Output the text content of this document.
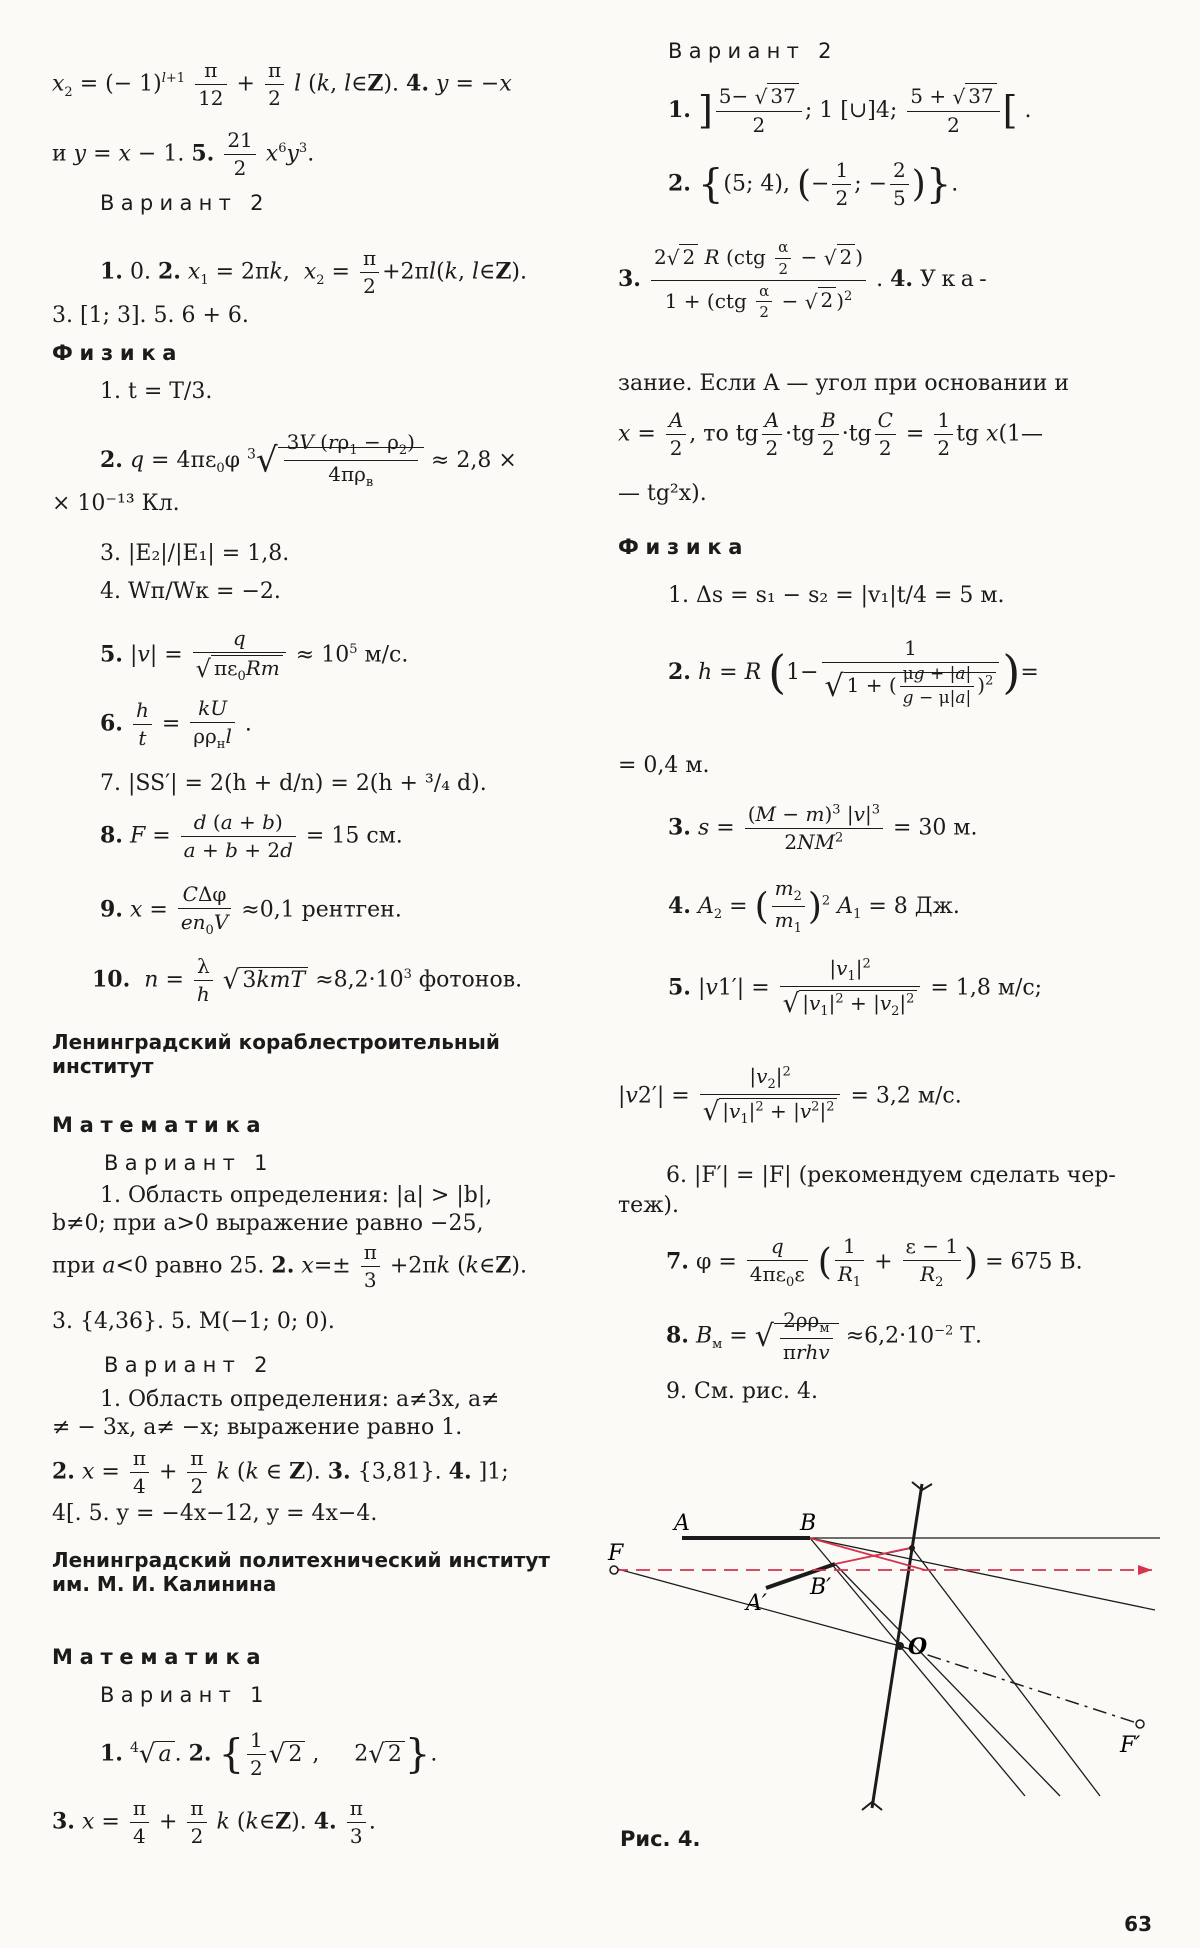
$x_2$ = (− $1)^{l+1} \frac{\pi}{12} + \frac{\pi}{2}$ l (k, l∈Z). 4. y = −x
и y = x − 1. 5. $\frac{21}{2} x^6y^3$.
Вариант 2
1. 0. 2. $x_1 = 2\pi k$,  $x_2 = \frac{\pi}{2} +2\pi l(k$, l∈Z).
3. [1; 3]. 5. 6 + 6.
Физика
1. t = T/3.
2. $q = 4\pi\varepsilon_0\varphi$ $^3√ \frac{3V (r\rho_1 - \rho_2)}{4\pi\rho_в} \approx 2,8$ ×
× 10⁻¹³ Кл.
3. |E₂|/|E₁| = 1,8.
4. Wп/Wк = −2.
5. $|v| = \frac{q}{√ \pi\varepsilon_0Rm} \approx 10^5$ м/с.
6. $\frac{h}{t} = \frac{kU}{\rho\rho_нl}$ .
7. |SS′| = 2(h + d/n) = 2(h + ³/₄ d).
8. $F = \frac{d (a + b)}{a + b + 2d} = 15$ см.
9. $x = \frac{\text{CΔφ}}{en_0V} \approx 0,1$ рентген.
10. $n = \frac{\lambda}{h}$ √ $3kmT \approx 8,2\cdot 10^3$ фотонов.
Ленинградский кораблестроительный институт
Математика
Вариант 1
1. Область определения: |a| > |b|,
b≠0; при a>0 выражение равно −25,
при a<0 равно 25. 2. $x=\pm \frac{\pi}{3} +2\pi k$ (k∈Z).
3. {4,36}. 5. M(−1; 0; 0).
Вариант 2
1. Область определения: a≠3x, a≠
≠ − 3x, a≠ −x; выражение равно 1.
2. $x = \frac{\pi}{4} + \frac{\pi}{2}$ k (k ∈ Z). 3. {3,81}. 4. ]1;
4[. 5. y = −4x−12, y = 4x−4.
Ленинградский политехнический институт им. М. И. Калинина
Математика
Вариант 1
1. $^4$√ a . 2. { $\frac{1}{2}$ √ 2 ,     2√ 2}.
3. $x = \frac{\pi}{4} + \frac{\pi}{2}$ k (k∈Z). 4. $\frac{\pi}{3}$ .
Вариант 2
1. ] $\frac{5- √ 37}{2}$ ; 1 [∪]4; $\frac{5 + √ 37}{2}$ [ .
2. {(5; 4), (− $\frac{1}{2}$ ; − $\frac{2}{5}$ )}.
3. $\frac{2√ 2 R (ctg \frac{\alpha}{2} - √ 2 )}{1 + (ctg \frac{\alpha}{2} - √ 2 )^2}$ . 4. Ука-
зание. Если A — угол при основании и
$x = \frac{A}{2}$ , то tg $\frac{A}{2} \cdot tg \frac{B}{2} \cdot tg \frac{C}{2} = \frac{1}{2}$ tg x(1—
— tg²x).
Физика
1. Δs = s₁ − s₂ = |v₁|t/4 = 5 м.
2. h = R ($1- \frac{1}{√ 1 + ( \frac{\mu g + |a|}{g - \mu|a|} )^2}$ )=
= 0,4 м.
3. $s = \frac{(M - m)^3 |v|^3}{2NM^2} = 30$ м.
4. $A_2$ = ( $\frac{m_2}{m_1} )^2$ $A_1 = 8$ Дж.
5. $|v1'| = \frac{|v_1|^2}{√ |v_1|^2 + |v_2|^2} = 1,8$ м/с;
$|v2'| = \frac{|v_2|^2}{√ |v_1|^2 + |v^2|^2} = 3,2$ м/с.
6. |F′| = |F| (рекомендуем сделать чер-
теж).
7. $\varphi = \frac{q}{4\pi\varepsilon_0\varepsilon}$ ( $\frac{1}{R_1} + \frac{\varepsilon - 1}{R_2}$ ) = 675 В.
8. $B_м$ = √ $\frac{2\rho\rho_м}{\text{πrhv}} \approx 6,2\cdot 10^{-2}$ Т.
9. См. рис. 4.
A	B
A′
B′
O
F
F′
Рис. 4.
63
